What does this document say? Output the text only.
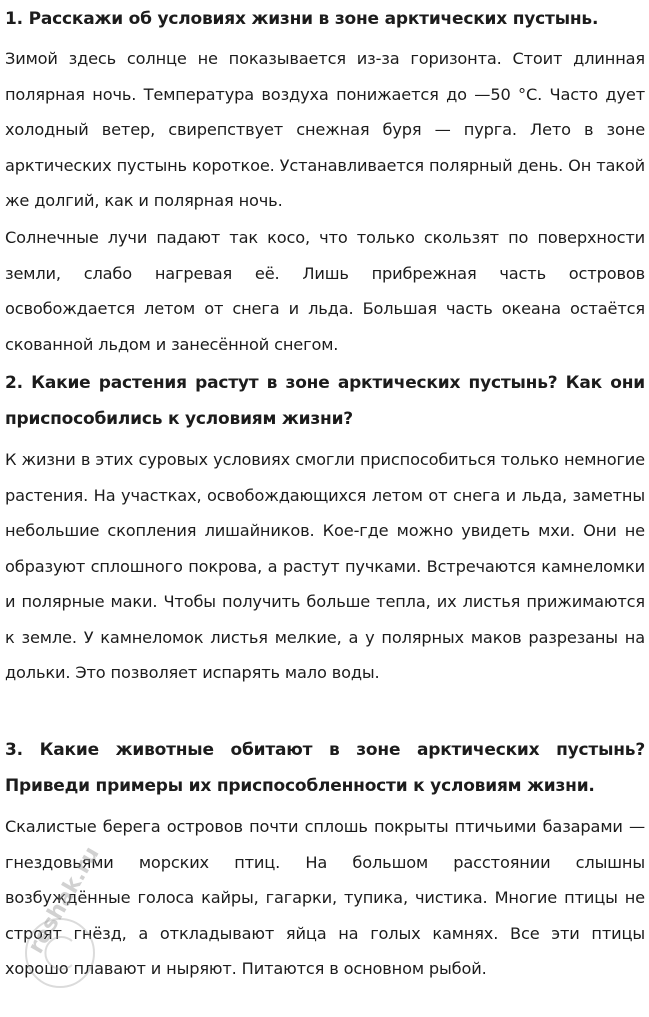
1. Расскажи об условиях жизни в зоне арктических пустынь.

Зимой здесь солнце не показывается из-за горизонта. Стоит длинная полярная ночь. Температура воздуха понижается до —50 °С. Часто дует холодный ветер, свирепствует снежная буря — пурга. Лето в зоне арктических пустынь короткое. Устанавливается полярный день. Он такой же долгий, как и полярная ночь.

Солнечные лучи падают так косо, что только скользят по поверхности земли, слабо нагревая её. Лишь прибрежная часть островов освобождается летом от снега и льда. Большая часть океана остаётся скованной льдом и занесённой снегом.

2. Какие растения растут в зоне арктических пустынь? Как они приспособились к условиям жизни?

К жизни в этих суровых условиях смогли приспособиться только немногие растения. На участках, освобождающихся летом от снега и льда, заметны небольшие скопления лишайников. Кое-где можно увидеть мхи. Они не образуют сплошного покрова, а растут пучками. Встречаются камнеломки и полярные маки. Чтобы получить больше тепла, их листья прижимаются к земле. У камнеломок листья мелкие, а у полярных маков разрезаны на дольки. Это позволяет испарять мало воды.

3. Какие животные обитают в зоне арктических пустынь? Приведи примеры их приспособленности к условиям жизни.

Скалистые берега островов почти сплошь покрыты птичьими базарами — гнездовьями морских птиц. На большом расстоянии слышны возбуждённые голоса кайры, гагарки, тупика, чистика. Многие птицы не строят гнёзд, а откладывают яйца на голых камнях. Все эти птицы хорошо плавают и ныряют. Питаются в основном рыбой.

reshak.ru
